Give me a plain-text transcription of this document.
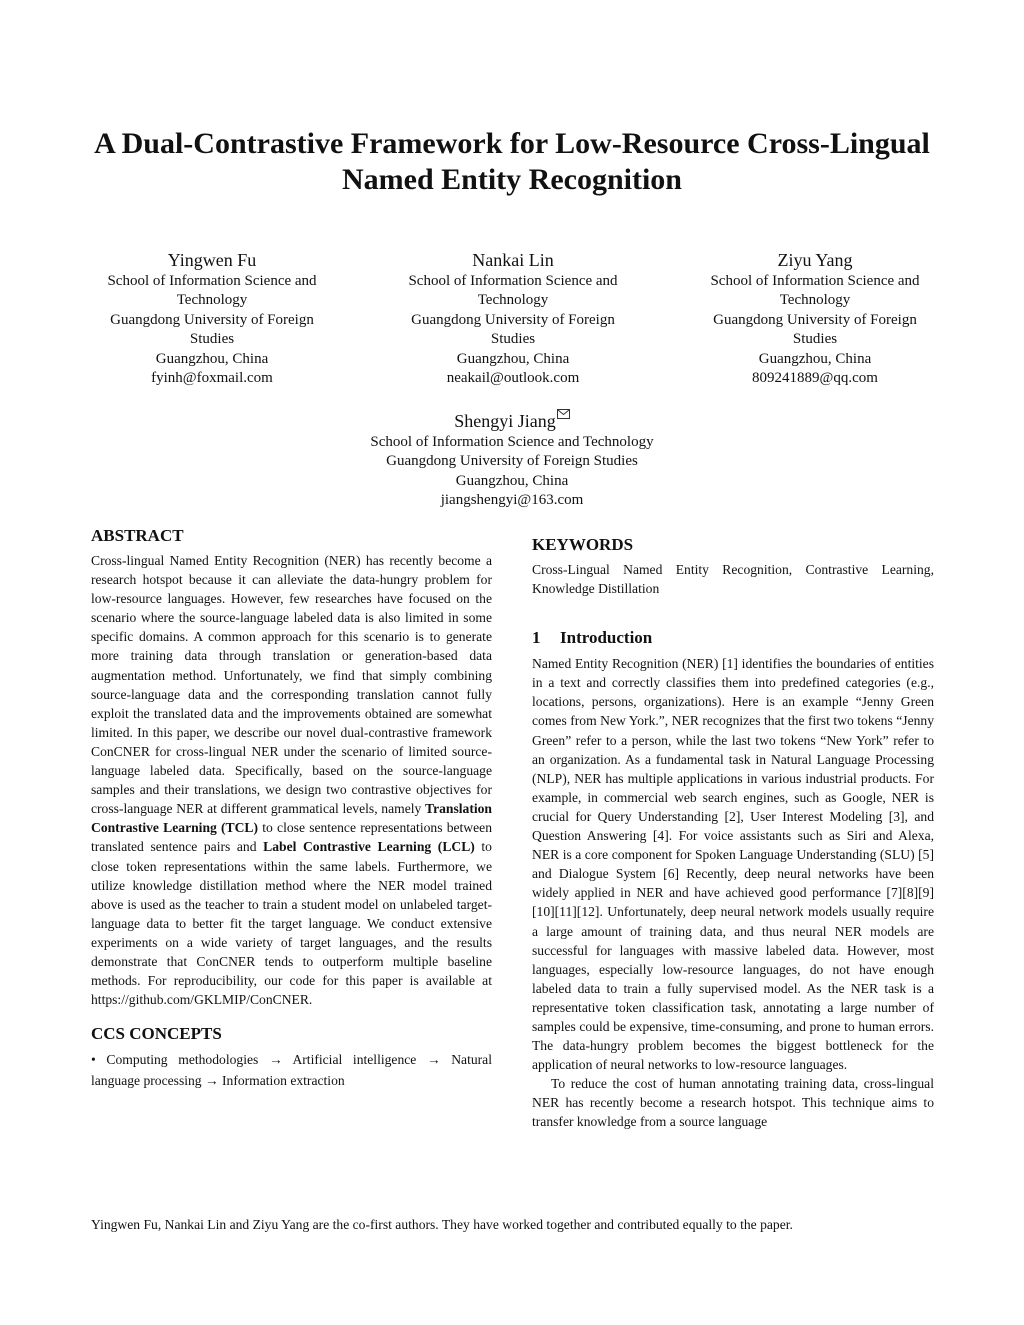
A Dual-Contrastive Framework for Low-Resource Cross-Lingual
Named Entity Recognition
Yingwen Fu
School of Information Science and
Technology
Guangdong University of Foreign
Studies
Guangzhou, China
fyinh@foxmail.com
Nankai Lin
School of Information Science and
Technology
Guangdong University of Foreign
Studies
Guangzhou, China
neakail@outlook.com
Ziyu Yang
School of Information Science and
Technology
Guangdong University of Foreign
Studies
Guangzhou, China
809241889@qq.com
Shengyi Jiang
School of Information Science and Technology
Guangdong University of Foreign Studies
Guangzhou, China
jiangshengyi@163.com
ABSTRACT

Cross-lingual Named Entity Recognition (NER) has recently become a research hotspot because it can alleviate the data-hungry problem for low-resource languages. However, few researches have focused on the scenario where the source-language labeled data is also limited in some specific domains. A common approach for this scenario is to generate more training data through translation or generation-based data augmentation method. Unfortunately, we find that simply combining source-language data and the corresponding translation cannot fully exploit the translated data and the improvements obtained are somewhat limited. In this paper, we describe our novel dual-contrastive framework ConCNER for cross-lingual NER under the scenario of limited source-language labeled data. Specifically, based on the source-language samples and their translations, we design two contrastive objectives for cross-language NER at different grammatical levels, namely Translation Contrastive Learning (TCL) to close sentence representations between translated sentence pairs and Label Contrastive Learning (LCL) to close token representations within the same labels. Furthermore, we utilize knowledge distillation method where the NER model trained above is used as the teacher to train a student model on unlabeled target-language data to better fit the target language. We conduct extensive experiments on a wide variety of target languages, and the results demonstrate that ConCNER tends to outperform multiple baseline methods. For reproducibility, our code for this paper is available at https://github.com/GKLMIP/ConCNER.

CCS CONCEPTS

• Computing methodologies → Artificial intelligence → Natural language processing → Information extraction

KEYWORDS

Cross-Lingual Named Entity Recognition, Contrastive Learning, Knowledge Distillation

1 Introduction

Named Entity Recognition (NER) [1] identifies the boundaries of entities in a text and correctly classifies them into predefined categories (e.g., locations, persons, organizations). Here is an example “Jenny Green comes from New York.”, NER recognizes that the first two tokens “Jenny Green” refer to a person, while the last two tokens “New York” refer to an organization. As a fundamental task in Natural Language Processing (NLP), NER has multiple applications in various industrial products. For example, in commercial web search engines, such as Google, NER is crucial for Query Understanding [2], User Interest Modeling [3], and Question Answering [4]. For voice assistants such as Siri and Alexa, NER is a core component for Spoken Language Understanding (SLU) [5] and Dialogue System [6] Recently, deep neural networks have been widely applied in NER and have achieved good performance [7][8][9][10][11][12]. Unfortunately, deep neural network models usually require a large amount of training data, and thus neural NER models are successful for languages with massive labeled data. However, most languages, especially low-resource languages, do not have enough labeled data to train a fully supervised model. As the NER task is a representative token classification task, annotating a large number of samples could be expensive, time-consuming, and prone to human errors. The data-hungry problem becomes the biggest bottleneck for the application of neural networks to low-resource languages.

To reduce the cost of human annotating training data, cross-lingual NER has recently become a research hotspot. This technique aims to transfer knowledge from a source language

Yingwen Fu, Nankai Lin and Ziyu Yang are the co-first authors. They have worked together and contributed equally to the paper.
